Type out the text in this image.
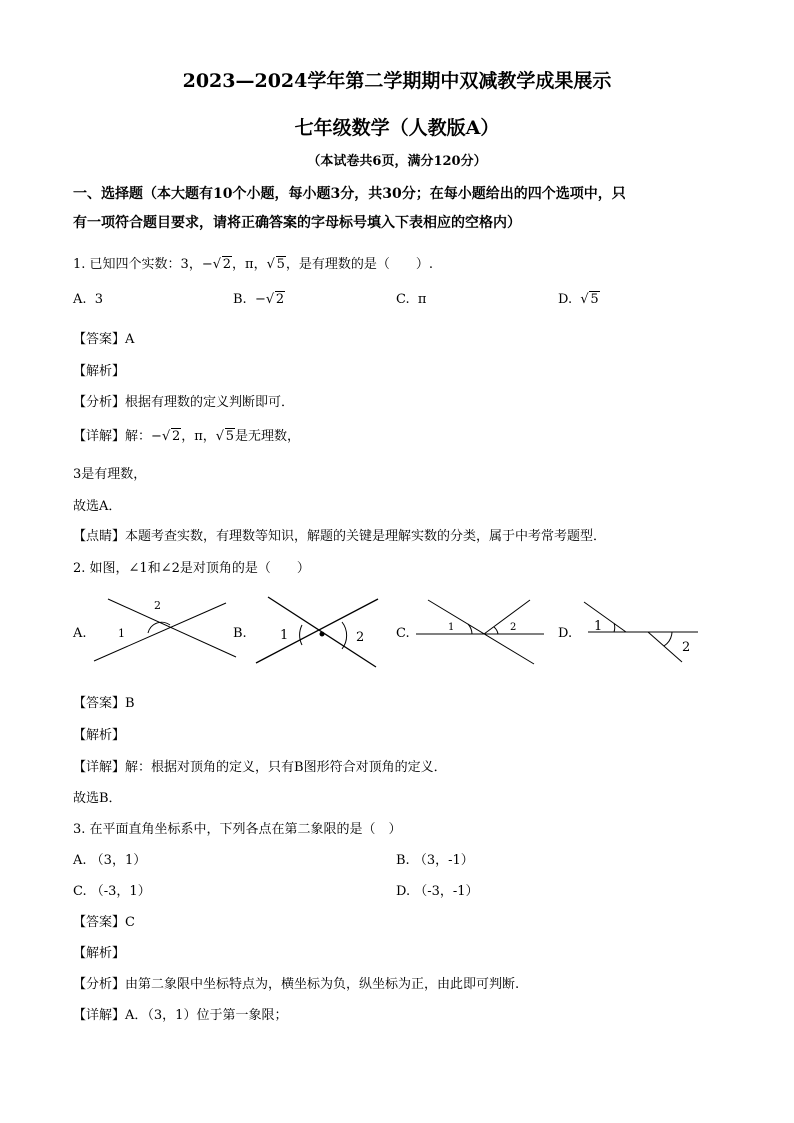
2023—2024学年第二学期期中双减教学成果展示
七年级数学（人教版A）
（本试卷共6页，满分120分）
一、选择题（本大题有10个小题，每小题3分，共30分；在每小题给出的四个选项中，只
有一项符合题目要求，请将正确答案的字母标号填入下表相应的空格内）
1. 已知四个实数：3，− √ 2，π， √ 5，是有理数的是（　　）.
A. 3	B. − √ 2	C. π	D. √ 5
【答案】A
【解析】
【分析】根据有理数的定义判断即可．
【详解】解：− √ 2，π， √ 5是无理数，
3是有理数，
故选A．
【点睛】本题考查实数，有理数等知识，解题的关键是理解实数的分类，属于中考常考题型．
2. 如图，∠1和∠2是对顶角的是（　　）
A.	1
2
B.	1	2 C.	1	2	D. 1
2
【答案】B
【解析】
【详解】解：根据对顶角的定义，只有B图形符合对顶角的定义．
故选B．
3. 在平面直角坐标系中，下列各点在第二象限的是（　）
A. （3，1）	B. （3，-1）
C. （-3，1）	D. （-3，-1）
【答案】C
【解析】
【分析】由第二象限中坐标特点为，横坐标为负，纵坐标为正，由此即可判断.
【详解】A．（3，1）位于第一象限；
